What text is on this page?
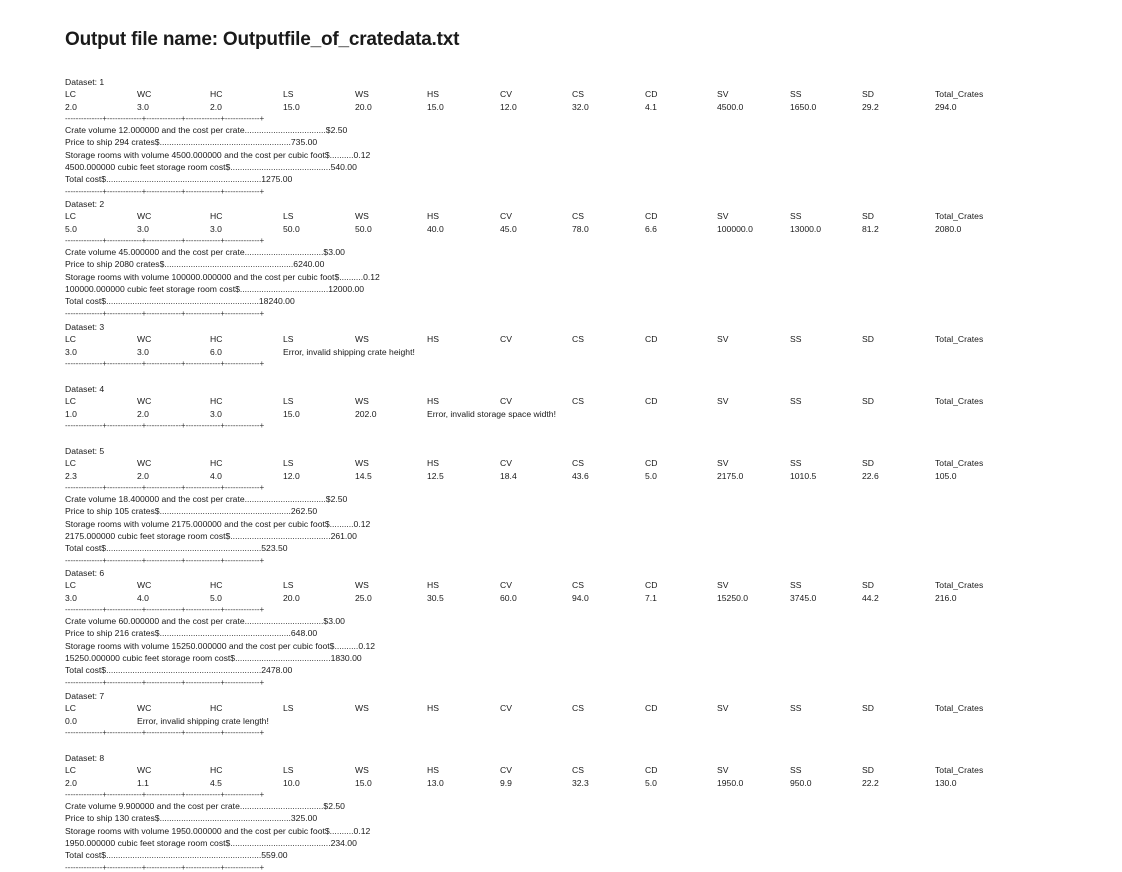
Output file name: Outputfile_of_cratedata.txt
Dataset: 1
LC	WC	HC	LS	WS	HS	CV	CS	CD	SV	SS	SD	Total_Crates
2.0	3.0	2.0	15.0	20.0	15.0	12.0	32.0	4.1	4500.0	1650.0	29.2	294.0
--------------+-------------+-------------+-------------+-------------+
Crate volume 12.000000 and the cost per crate..................................$2.50
Price to ship 294 crates$.......................................................735.00
Storage rooms with volume 4500.000000 and the cost per cubic foot$..........0.12
4500.000000 cubic feet storage room cost$..........................................540.00
Total cost$.................................................................1275.00
--------------+-------------+-------------+-------------+-------------+
Dataset: 2
LC	WC	HC	LS	WS	HS	CV	CS	CD	SV	SS	SD	Total_Crates
5.0	3.0	3.0	50.0	50.0	40.0	45.0	78.0	6.6	100000.0	13000.0	81.2	2080.0
--------------+-------------+-------------+-------------+-------------+
Crate volume 45.000000 and the cost per crate.................................$3.00
Price to ship 2080 crates$......................................................6240.00
Storage rooms with volume 100000.000000 and the cost per cubic foot$..........0.12
100000.000000 cubic feet storage room cost$.....................................12000.00
Total cost$................................................................18240.00
--------------+-------------+-------------+-------------+-------------+
Dataset: 3
LC	WC	HC	LS	WS	HS	CV	CS	CD	SV	SS	SD	Total_Crates
3.0	3.0	6.0	Error, invalid shipping crate height!
--------------+-------------+-------------+-------------+-------------+
Dataset: 4
LC	WC	HC	LS	WS	HS	CV	CS	CD	SV	SS	SD	Total_Crates
1.0	2.0	3.0	15.0	202.0	Error, invalid storage space width!
--------------+-------------+-------------+-------------+-------------+
Dataset: 5
LC	WC	HC	LS	WS	HS	CV	CS	CD	SV	SS	SD	Total_Crates
2.3	2.0	4.0	12.0	14.5	12.5	18.4	43.6	5.0	2175.0	1010.5	22.6	105.0
--------------+-------------+-------------+-------------+-------------+
Crate volume 18.400000 and the cost per crate..................................$2.50
Price to ship 105 crates$.......................................................262.50
Storage rooms with volume 2175.000000 and the cost per cubic foot$..........0.12
2175.000000 cubic feet storage room cost$..........................................261.00
Total cost$.................................................................523.50
--------------+-------------+-------------+-------------+-------------+
Dataset: 6
LC	WC	HC	LS	WS	HS	CV	CS	CD	SV	SS	SD	Total_Crates
3.0	4.0	5.0	20.0	25.0	30.5	60.0	94.0	7.1	15250.0	3745.0	44.2	216.0
--------------+-------------+-------------+-------------+-------------+
Crate volume 60.000000 and the cost per crate.................................$3.00
Price to ship 216 crates$.......................................................648.00
Storage rooms with volume 15250.000000 and the cost per cubic foot$..........0.12
15250.000000 cubic feet storage room cost$........................................1830.00
Total cost$.................................................................2478.00
--------------+-------------+-------------+-------------+-------------+
Dataset: 7
LC	WC	HC	LS	WS	HS	CV	CS	CD	SV	SS	SD	Total_Crates
0.0	Error, invalid shipping crate length!
--------------+-------------+-------------+-------------+-------------+
Dataset: 8
LC	WC	HC	LS	WS	HS	CV	CS	CD	SV	SS	SD	Total_Crates
2.0	1.1	4.5	10.0	15.0	13.0	9.9	32.3	5.0	1950.0	950.0	22.2	130.0
--------------+-------------+-------------+-------------+-------------+
Crate volume 9.900000 and the cost per crate...................................$2.50
Price to ship 130 crates$.......................................................325.00
Storage rooms with volume 1950.000000 and the cost per cubic foot$..........0.12
1950.000000 cubic feet storage room cost$..........................................234.00
Total cost$.................................................................559.00
--------------+-------------+-------------+-------------+-------------+
